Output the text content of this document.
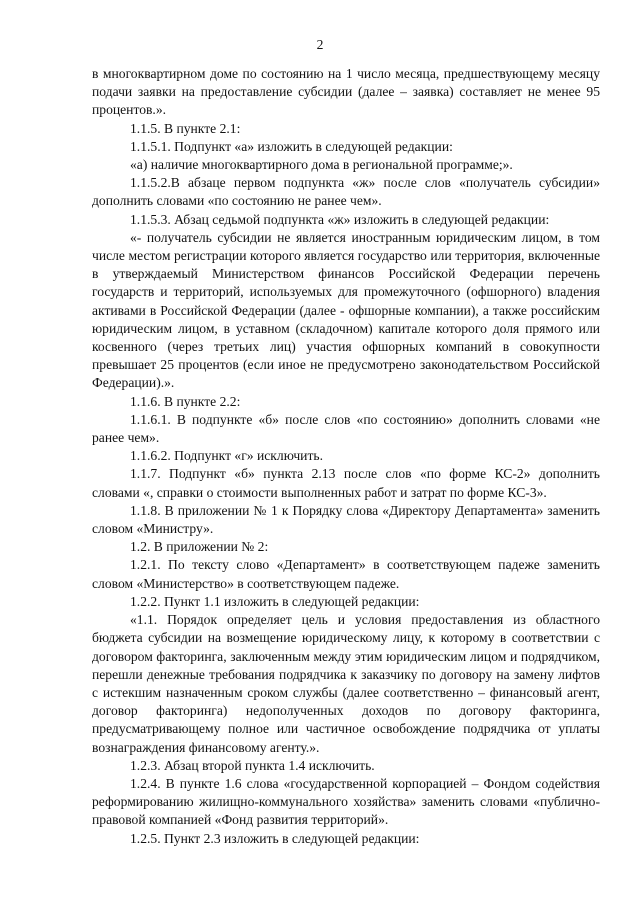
2

в многоквартирном доме по состоянию на 1 число месяца, предшествующему месяцу подачи заявки на предоставление субсидии (далее – заявка) составляет не менее 95 процентов.».

1.1.5. В пункте 2.1:

1.1.5.1. Подпункт «а» изложить в следующей редакции:

«а) наличие многоквартирного дома в региональной программе;».

1.1.5.2.В абзаце первом подпункта «ж» после слов «получатель субсидии» дополнить словами «по состоянию не ранее чем».

1.1.5.3. Абзац седьмой подпункта «ж» изложить в следующей редакции:

«- получатель субсидии не является иностранным юридическим лицом, в том числе местом регистрации которого является государство или территория, включенные в утверждаемый Министерством финансов Российской Федерации перечень государств и территорий, используемых для промежуточного (офшорного) владения активами в Российской Федерации (далее - офшорные компании), а также российским юридическим лицом, в уставном (складочном) капитале которого доля прямого или косвенного (через третьих лиц) участия офшорных компаний в совокупности превышает 25 процентов (если иное не предусмотрено законодательством Российской Федерации).».

1.1.6. В пункте 2.2:

1.1.6.1. В подпункте «б» после слов «по состоянию» дополнить словами «не ранее чем».

1.1.6.2. Подпункт «г» исключить.

1.1.7. Подпункт «б» пункта 2.13 после слов «по форме КС-2» дополнить словами «, справки о стоимости выполненных работ и затрат по форме КС-3».

1.1.8. В приложении № 1 к Порядку слова «Директору Департамента» заменить словом «Министру».

1.2. В приложении № 2:

1.2.1. По тексту слово «Департамент» в соответствующем падеже заменить словом «Министерство» в соответствующем падеже.

1.2.2. Пункт 1.1 изложить в следующей редакции:

«1.1. Порядок определяет цель и условия предоставления из областного бюджета субсидии на возмещение юридическому лицу, к которому в соответствии с договором факторинга, заключенным между этим юридическим лицом и подрядчиком, перешли денежные требования подрядчика к заказчику по договору на замену лифтов с истекшим назначенным сроком службы (далее соответственно – финансовый агент, договор факторинга) недополученных доходов по договору факторинга, предусматривающему полное или частичное освобождение подрядчика от уплаты вознаграждения финансовому агенту.».

1.2.3. Абзац второй пункта 1.4 исключить.

1.2.4. В пункте 1.6 слова «государственной корпорацией – Фондом содействия реформированию жилищно-коммунального хозяйства» заменить словами «публично-правовой компанией «Фонд развития территорий».

1.2.5. Пункт 2.3 изложить в следующей редакции:
